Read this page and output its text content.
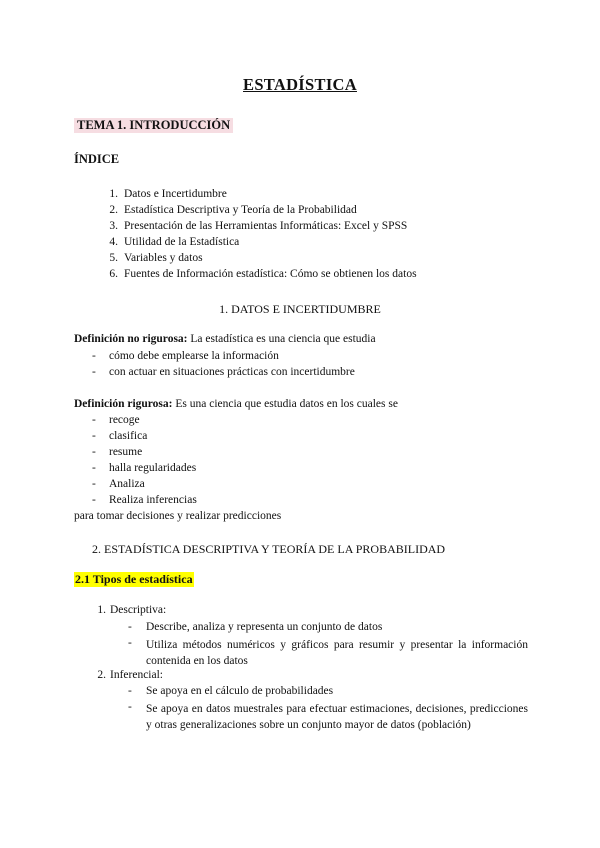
ESTADÍSTICA
TEMA 1. INTRODUCCIÓN
ÍNDICE
1. Datos e Incertidumbre
2. Estadística Descriptiva y Teoría de la Probabilidad
3. Presentación de las Herramientas Informáticas: Excel y SPSS
4. Utilidad de la Estadística
5. Variables y datos
6. Fuentes de Información estadística: Cómo se obtienen los datos
1. DATOS E INCERTIDUMBRE
Definición no rigurosa: La estadística es una ciencia que estudia
- cómo debe emplearse la información
- con actuar en situaciones prácticas con incertidumbre
Definición rigurosa: Es una ciencia que estudia datos en los cuales se
- recoge
- clasifica
- resume
- halla regularidades
- Analiza
- Realiza inferencias
para tomar decisiones y realizar predicciones
2. ESTADÍSTICA DESCRIPTIVA Y TEORÍA DE LA PROBABILIDAD
2.1 Tipos de estadística
1. Descriptiva:
- Describe, analiza y representa un conjunto de datos
- Utiliza métodos numéricos y gráficos para resumir y presentar la información contenida en los datos
2. Inferencial:
- Se apoya en el cálculo de probabilidades
- Se apoya en datos muestrales para efectuar estimaciones, decisiones, predicciones y otras generalizaciones sobre un conjunto mayor de datos (población)
